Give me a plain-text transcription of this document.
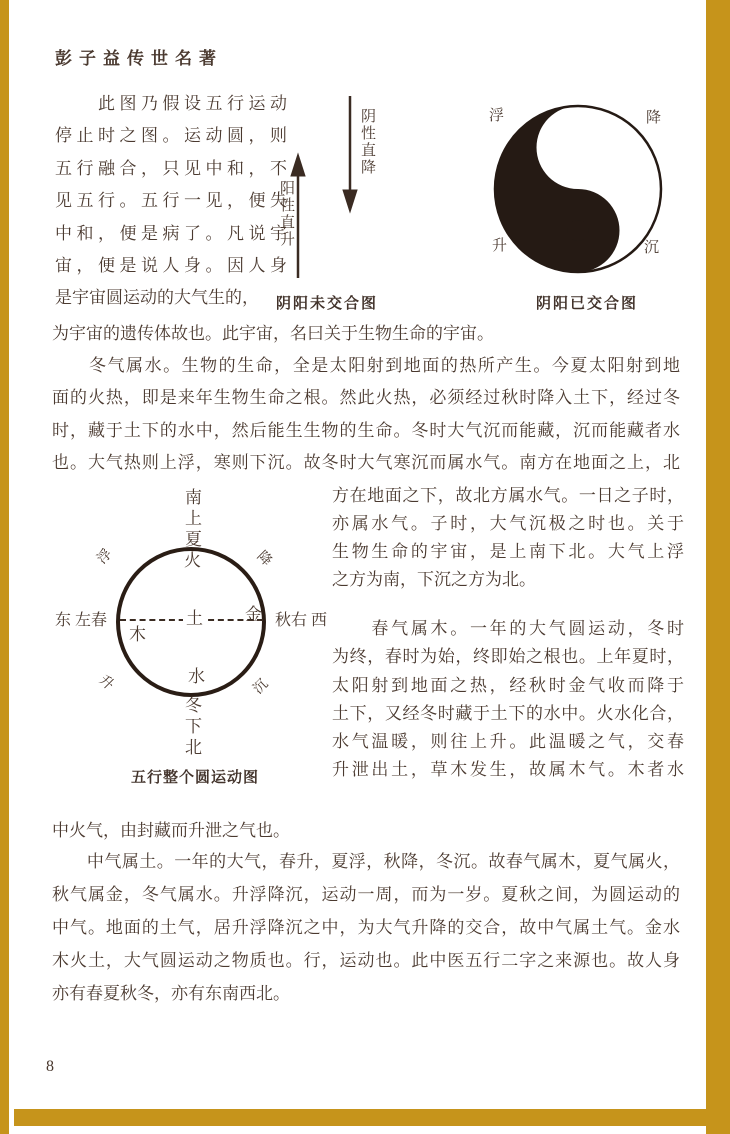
彭子益传世名著
　　此图乃假设五行运动
停止时之图。运动圆，则
五行融合，只见中和，不
见五行。五行一见，便失
中和，便是病了。凡说宇
宙，便是说人身。因人身
是宇宙圆运动的大气生的，
阴性直降
阳性直升
阴阳未交合图
浮	降
升	沉
阴阳已交合图
为宇宙的遗传体故也。此宇宙，名曰关于生物生命的宇宙。
　　冬气属水。生物的生命，全是太阳射到地面的热所产生。今夏太阳射到地
面的火热，即是来年生物生命之根。然此火热，必须经过秋时降入土下，经过冬
时，藏于土下的水中，然后能生生物的生命。冬时大气沉而能藏，沉而能藏者水
也。大气热则上浮，寒则下沉。故冬时大气寒沉而属水气。南方在地面之上，北
方在地面之下，故北方属水气。一日之子时，
亦属水气。子时，大气沉极之时也。关于
生物生命的宇宙，是上南下北。大气上浮
之方为南，下沉之方为北。
　　春气属木。一年的大气圆运动，冬时
为终，春时为始，终即始之根也。上年夏时，
太阳射到地面之热，经秋时金气收而降于
土下，又经冬时藏于土下的水中。火水化合，
水气温暖，则往上升。此温暖之气，交春
升泄出土，草木发生，故属木气。木者水
南上夏
冬下北
东 左春	秋右 西
火
木
土 金
水
浮	降
升	沉
五行整个圆运动图
中火气，由封藏而升泄之气也。
　　中气属土。一年的大气，春升，夏浮，秋降，冬沉。故春气属木，夏气属火，
秋气属金，冬气属水。升浮降沉，运动一周，而为一岁。夏秋之间，为圆运动的
中气。地面的土气，居升浮降沉之中，为大气升降的交合，故中气属土气。金水
木火土，大气圆运动之物质也。行，运动也。此中医五行二字之来源也。故人身
亦有春夏秋冬，亦有东南西北。
8
